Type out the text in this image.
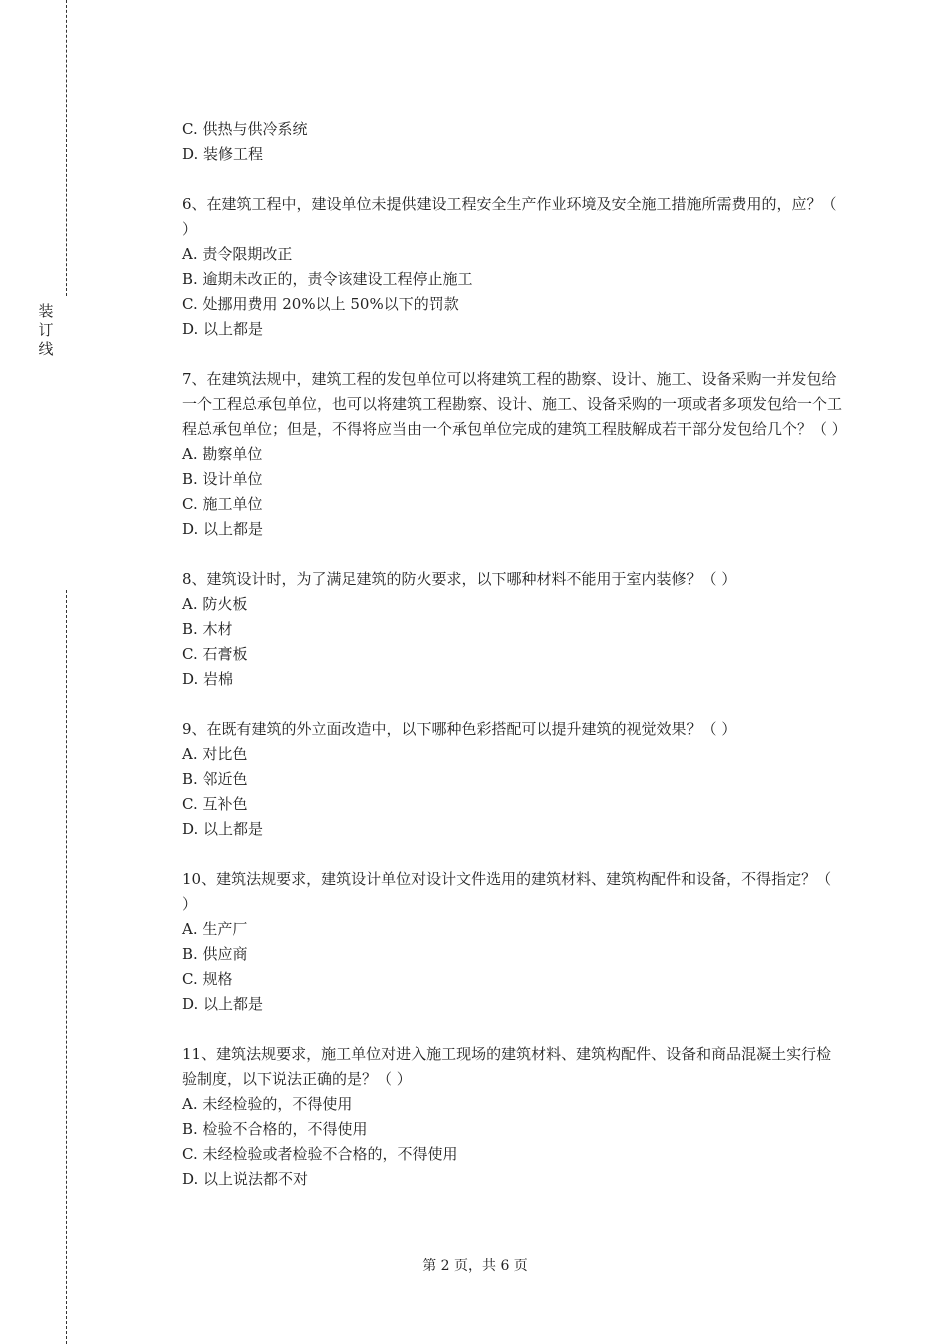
装订线
C. 供热与供冷系统
D. 装修工程
6、在建筑工程中，建设单位未提供建设工程安全生产作业环境及安全施工措施所需费用的，应？（ ）
A. 责令限期改正
B. 逾期未改正的，责令该建设工程停止施工
C. 处挪用费用 20%以上 50%以下的罚款
D. 以上都是
7、在建筑法规中，建筑工程的发包单位可以将建筑工程的勘察、设计、施工、设备采购一并发包给一个工程总承包单位，也可以将建筑工程勘察、设计、施工、设备采购的一项或者多项发包给一个工程总承包单位；但是，不得将应当由一个承包单位完成的建筑工程肢解成若干部分发包给几个？（ ）
A. 勘察单位
B. 设计单位
C. 施工单位
D. 以上都是
8、建筑设计时，为了满足建筑的防火要求，以下哪种材料不能用于室内装修？（ ）
A. 防火板
B. 木材
C. 石膏板
D. 岩棉
9、在既有建筑的外立面改造中，以下哪种色彩搭配可以提升建筑的视觉效果？（ ）
A. 对比色
B. 邻近色
C. 互补色
D. 以上都是
10、建筑法规要求，建筑设计单位对设计文件选用的建筑材料、建筑构配件和设备，不得指定？（ ）
A. 生产厂
B. 供应商
C. 规格
D. 以上都是
11、建筑法规要求，施工单位对进入施工现场的建筑材料、建筑构配件、设备和商品混凝土实行检验制度，以下说法正确的是？（ ）
A. 未经检验的，不得使用
B. 检验不合格的，不得使用
C. 未经检验或者检验不合格的，不得使用
D. 以上说法都不对
第 2 页，共 6 页
